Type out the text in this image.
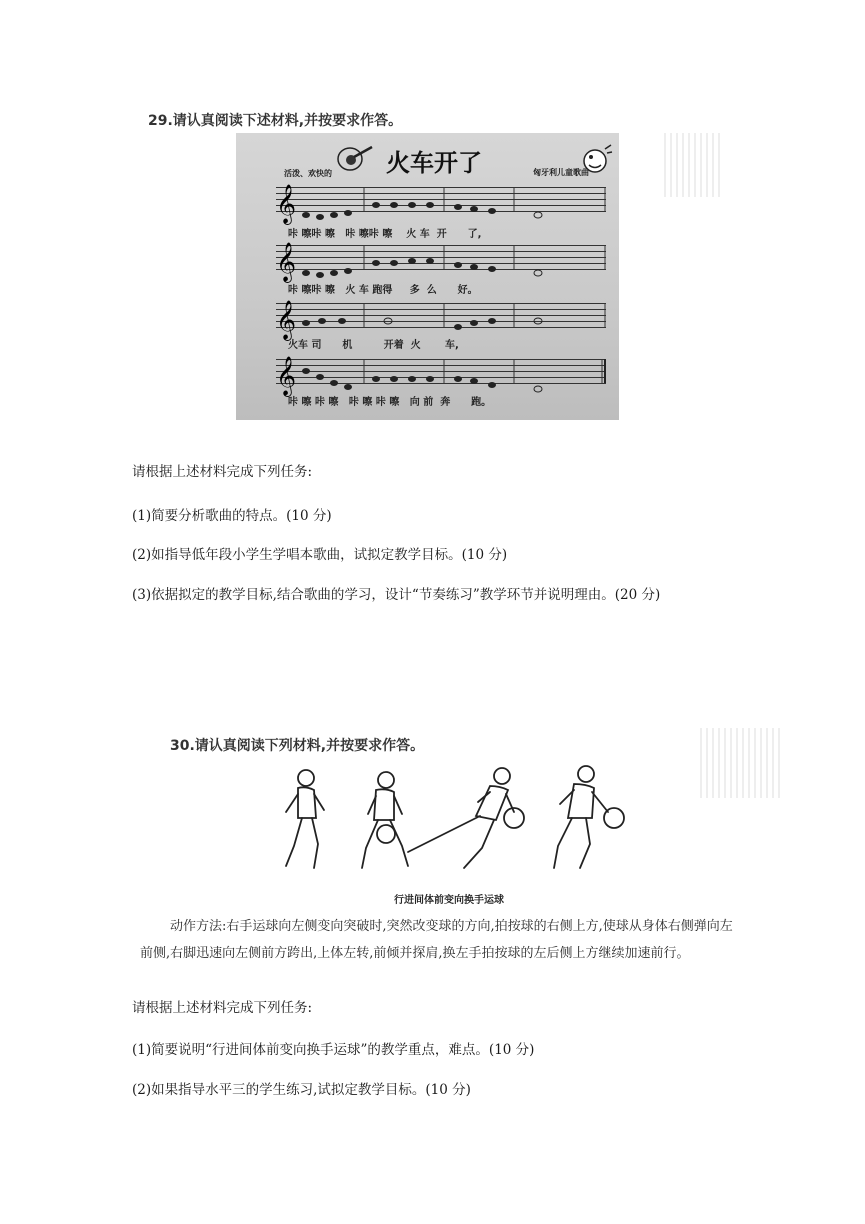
29.请认真阅读下述材料,并按要求作答。
火车开了
活泼、欢快的	匈牙利儿童歌曲
𝄞
咔 嚓咔 嚓   咔 嚓咔 嚓    火 车  开      了,
𝄞
咔 嚓咔 嚓   火 车 跑得     多  么      好。
𝄞
火车 司      机         开着  火       车,
𝄞
咔 嚓 咔 嚓   咔 嚓 咔 嚓   向 前  奔      跑。
请根据上述材料完成下列任务:
(1)简要分析歌曲的特点。(10 分)
(2)如指导低年段小学生学唱本歌曲，试拟定教学目标。(10 分)
(3)依据拟定的教学目标,结合歌曲的学习，设计“节奏练习”教学环节并说明理由。(20 分)
30.请认真阅读下列材料,并按要求作答。
行进间体前变向换手运球
动作方法:右手运球向左侧变向突破时,突然改变球的方向,拍按球的右侧上方,使球从身体右侧弹向左前侧,右脚迅速向左侧前方跨出,上体左转,前倾并探肩,换左手拍按球的左后侧上方继续加速前行。
请根据上述材料完成下列任务:
(1)简要说明“行进间体前变向换手运球”的教学重点，难点。(10 分)
(2)如果指导水平三的学生练习,试拟定教学目标。(10 分)
